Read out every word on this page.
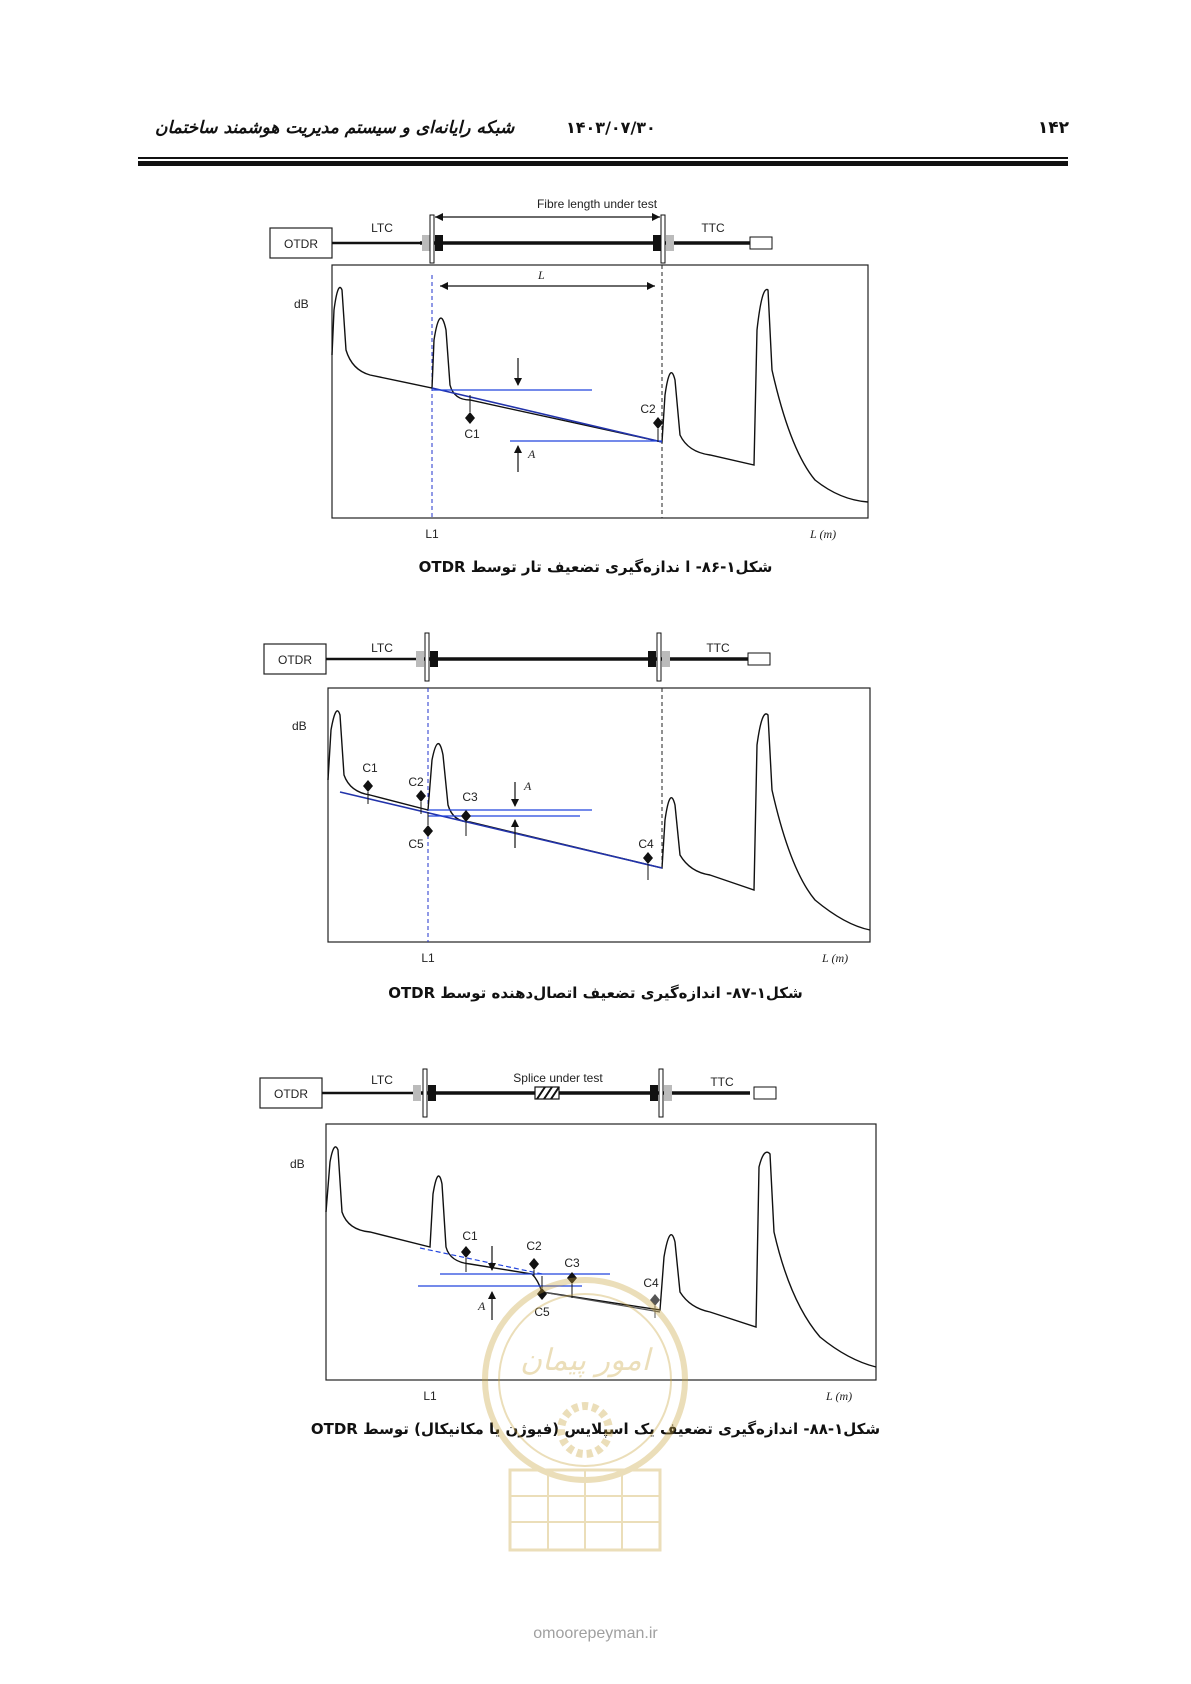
۱۴۲
۱۴۰۳/۰۷/۳۰
شبکه رایانه‌ای و سیستم مدیریت هوشمند ساختمان
Fibre length under test
OTDR
LTC	TTC
dB
L1	L (m)
L
A
C1
C2
شکل۱-۸۶- ا ندازه‌گیری تضعیف تار توسط OTDR
OTDR
LTC	TTC
dB
L1	L (m)
A
C1
C2
C3
C4
C5
شکل۱-۸۷- اندازه‌گیری تضعیف اتصال‌دهنده توسط OTDR
Splice under test
OTDR
LTC	TTC
dB
L1	L (m)
A
C1
C2
C3
C4
C5
شکل۱-۸۸- اندازه‌گیری تضعیف یک اسپلایس (فیوژن یا مکانیکال) توسط OTDR
امور پیمان
omoorepeyman.ir
